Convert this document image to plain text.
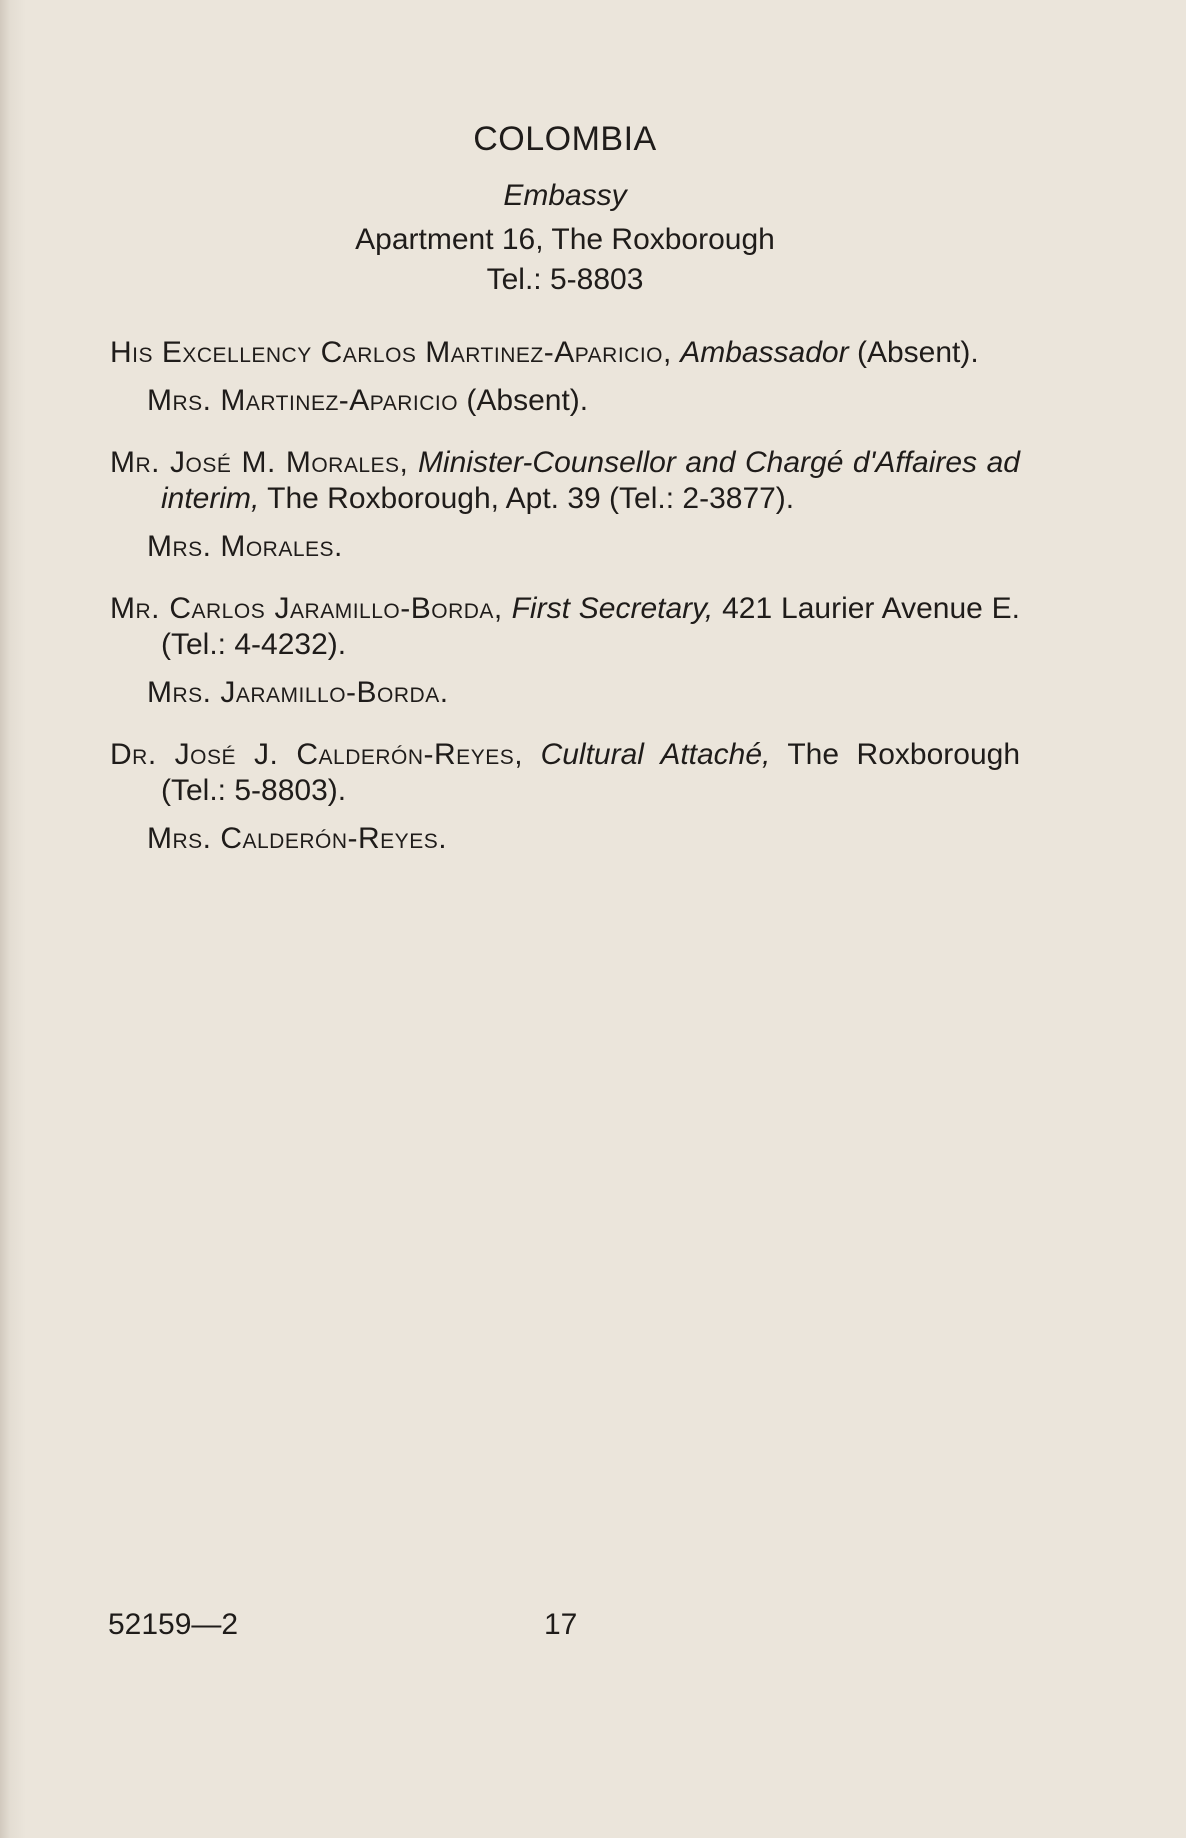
COLOMBIA
Embassy
Apartment 16, The Roxborough
Tel.: 5-8803
His Excellency Carlos Martinez-Aparicio, Ambassador (Absent).
Mrs. Martinez-Aparicio (Absent).
Mr. José M. Morales, Minister-Counsellor and Chargé d'Affaires ad interim, The Roxborough, Apt. 39 (Tel.: 2-3877).
Mrs. Morales.
Mr. Carlos Jaramillo-Borda, First Secretary, 421 Laurier Avenue E. (Tel.: 4-4232).
Mrs. Jaramillo-Borda.
Dr. José J. Calderón-Reyes, Cultural Attaché, The Roxborough (Tel.: 5-8803).
Mrs. Calderón-Reyes.
52159—2	17
